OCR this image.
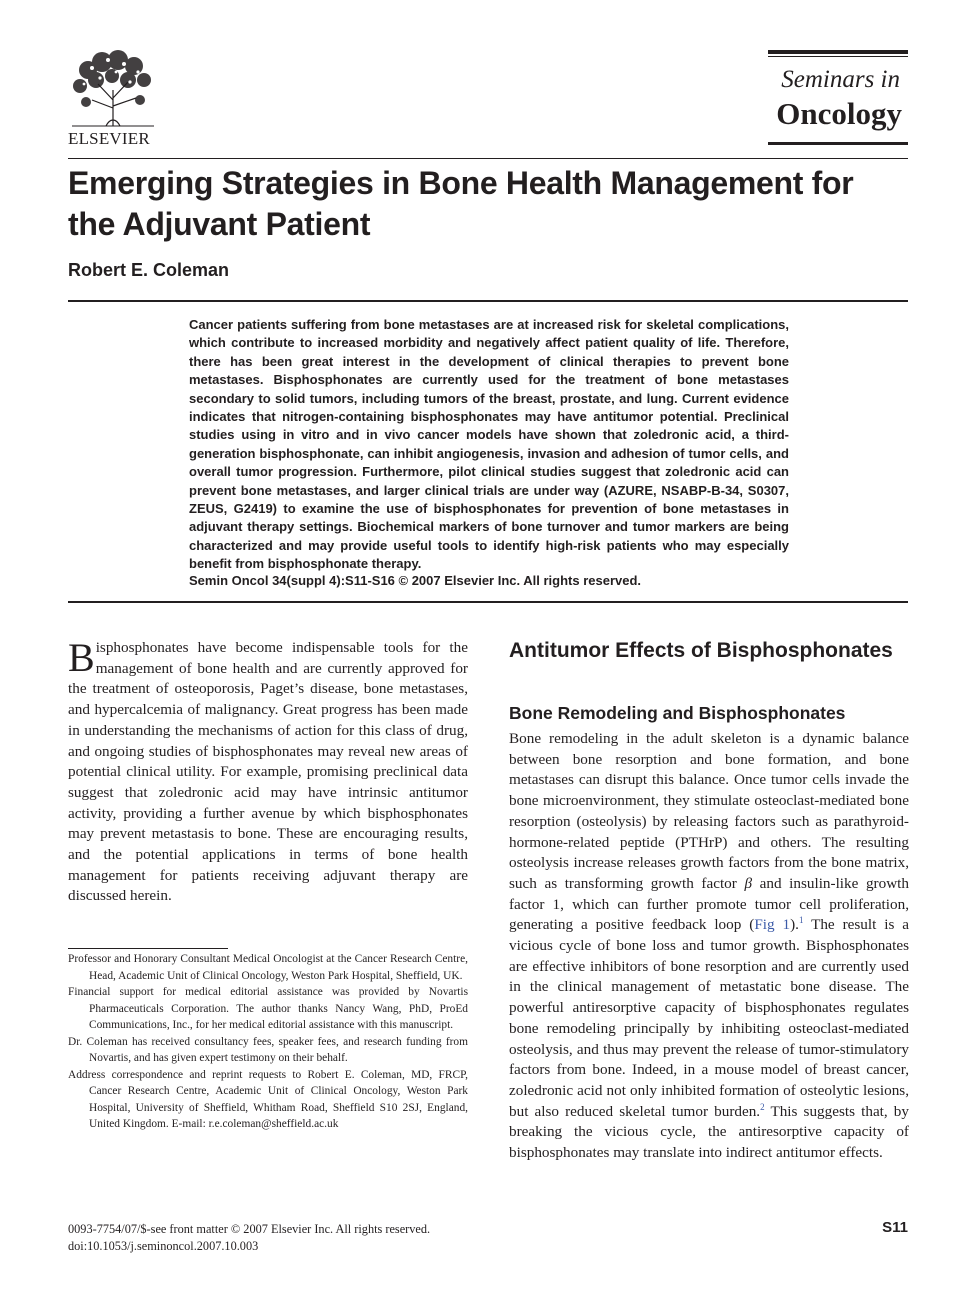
ELSEVIER
Seminars in
Oncology
Emerging Strategies in Bone Health Management for the Adjuvant Patient
Robert E. Coleman

Cancer patients suffering from bone metastases are at increased risk for skeletal complications, which contribute to increased morbidity and negatively affect patient quality of life. Therefore, there has been great interest in the development of clinical therapies to prevent bone metastases. Bisphosphonates are currently used for the treatment of bone metastases secondary to solid tumors, including tumors of the breast, prostate, and lung. Current evidence indicates that nitrogen-containing bisphosphonates may have antitumor potential. Preclinical studies using in vitro and in vivo cancer models have shown that zoledronic acid, a third-generation bisphosphonate, can inhibit angiogenesis, invasion and adhesion of tumor cells, and overall tumor progression. Furthermore, pilot clinical studies suggest that zoledronic acid can prevent bone metastases, and larger clinical trials are under way (AZURE, NSABP-B-34, S0307, ZEUS, G2419) to examine the use of bisphosphonates for prevention of bone metastases in adjuvant therapy settings. Biochemical markers of bone turnover and tumor markers are being characterized and may provide useful tools to identify high-risk patients who may especially benefit from bisphosphonate therapy.

Semin Oncol 34(suppl 4):S11-S16 © 2007 Elsevier Inc. All rights reserved.

Bisphosphonates have become indispensable tools for the management of bone health and are currently approved for the treatment of osteoporosis, Paget’s disease, bone metastases, and hypercalcemia of malignancy. Great progress has been made in understanding the mechanisms of action for this class of drug, and ongoing studies of bisphosphonates may reveal new areas of potential clinical utility. For example, promising preclinical data suggest that zoledronic acid may have intrinsic antitumor activity, providing a further avenue by which bisphosphonates may prevent metastasis to bone. These are encouraging results, and the potential applications in terms of bone health management for patients receiving adjuvant therapy are discussed herein.

Professor and Honorary Consultant Medical Oncologist at the Cancer Research Centre, Head, Academic Unit of Clinical Oncology, Weston Park Hospital, Sheffield, UK.

Financial support for medical editorial assistance was provided by Novartis Pharmaceuticals Corporation. The author thanks Nancy Wang, PhD, ProEd Communications, Inc., for her medical editorial assistance with this manuscript.

Dr. Coleman has received consultancy fees, speaker fees, and research funding from Novartis, and has given expert testimony on their behalf.

Address correspondence and reprint requests to Robert E. Coleman, MD, FRCP, Cancer Research Centre, Academic Unit of Clinical Oncology, Weston Park Hospital, University of Sheffield, Whitham Road, Sheffield S10 2SJ, England, United Kingdom. E-mail: r.e.coleman@sheffield.ac.uk

Antitumor Effects of Bisphosphonates
Bone Remodeling and Bisphosphonates

Bone remodeling in the adult skeleton is a dynamic balance between bone resorption and bone formation, and bone metastases can disrupt this balance. Once tumor cells invade the bone microenvironment, they stimulate osteoclast-mediated bone resorption (osteolysis) by releasing factors such as parathyroid-hormone-related peptide (PTHrP) and others. The resulting osteolysis increase releases growth factors from the bone matrix, such as transforming growth factor β and insulin-like growth factor 1, which can further promote tumor cell proliferation, generating a positive feedback loop (Fig 1).$^1$ The result is a vicious cycle of bone loss and tumor growth. Bisphosphonates are effective inhibitors of bone resorption and are currently used in the clinical management of metastatic bone disease. The powerful antiresorptive capacity of bisphosphonates regulates bone remodeling principally by inhibiting osteoclast-mediated osteolysis, and thus may prevent the release of tumor-stimulatory factors from bone. Indeed, in a mouse model of breast cancer, zoledronic acid not only inhibited formation of osteolytic lesions, but also reduced skeletal tumor burden.$^2$ This suggests that, by breaking the vicious cycle, the antiresorptive capacity of bisphosphonates may translate into indirect antitumor effects.

0093-7754/07/$-see front matter © 2007 Elsevier Inc. All rights reserved.
doi:10.1053/j.seminoncol.2007.10.003
S11
